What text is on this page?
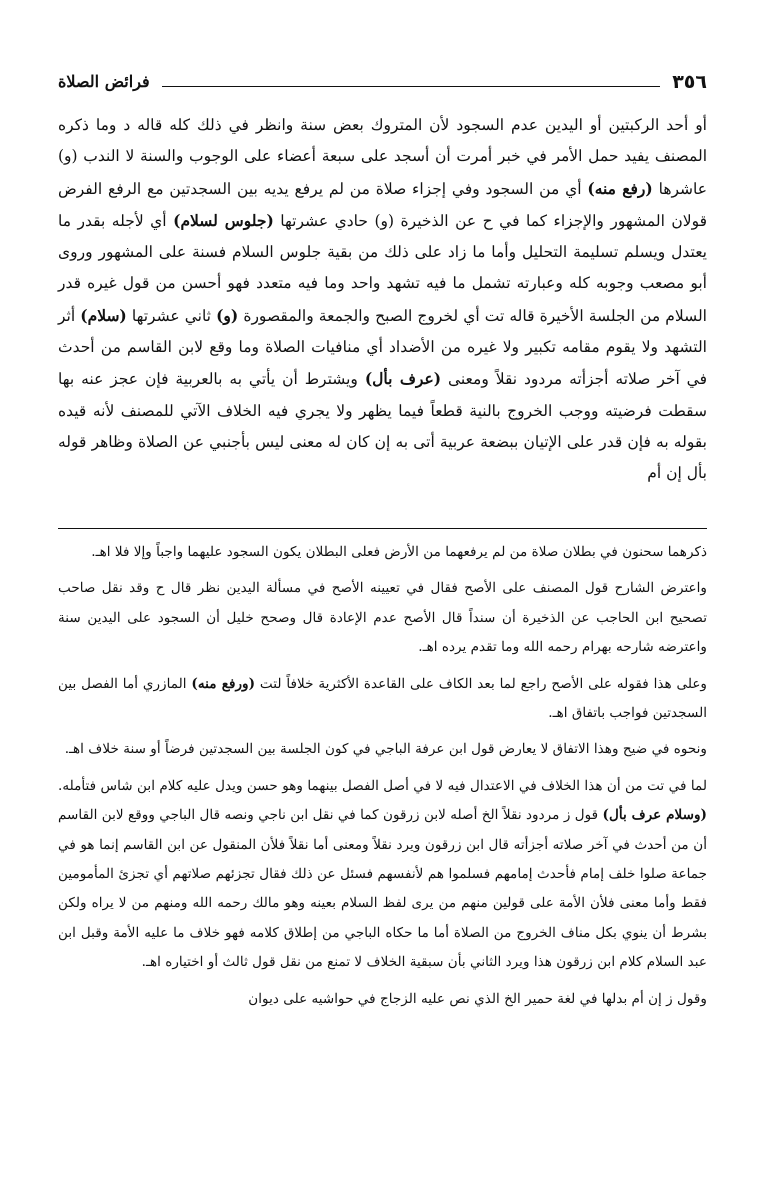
٣٥٦
فرائض الصلاة

أو أحد الركبتين أو اليدين عدم السجود لأن المتروك بعض سنة وانظر في ذلك كله قاله د وما ذكره المصنف يفيد حمل الأمر في خبر أمرت أن أسجد على سبعة أعضاء على الوجوب والسنة لا الندب (و) عاشرها (رفع منه) أي من السجود وفي إجزاء صلاة من لم يرفع يديه بين السجدتين مع الرفع الفرض قولان المشهور والإجزاء كما في ح عن الذخيرة (و) حادي عشرتها (جلوس لسلام) أي لأجله بقدر ما يعتدل ويسلم تسليمة التحليل وأما ما زاد على ذلك من بقية جلوس السلام فسنة على المشهور وروى أبو مصعب وجوبه كله وعبارته تشمل ما فيه تشهد واحد وما فيه متعدد فهو أحسن من قول غيره قدر السلام من الجلسة الأخيرة قاله تت أي لخروج الصبح والجمعة والمقصورة (و) ثاني عشرتها (سلام) أثر التشهد ولا يقوم مقامه تكبير ولا غيره من الأضداد أي منافيات الصلاة وما وقع لابن القاسم من أحدث في آخر صلاته أجزأته مردود نقلاً ومعنى (عرف بأل) ويشترط أن يأتي به بالعربية فإن عجز عنه بها سقطت فرضيته ووجب الخروج بالنية قطعاً فيما يظهر ولا يجري فيه الخلاف الآتي للمصنف لأنه قيده بقوله به فإن قدر على الإتيان ببضعة عربية أتى به إن كان له معنى ليس بأجنبي عن الصلاة وظاهر قوله بأل إن أم

ذكرهما سحنون في بطلان صلاة من لم يرفعهما من الأرض فعلى البطلان يكون السجود عليهما واجباً وإلا فلا اهـ.

واعترض الشارح قول المصنف على الأصح فقال في تعيينه الأصح في مسألة اليدين نظر قال ح وقد نقل صاحب تصحيح ابن الحاجب عن الذخيرة أن سنداً قال الأصح عدم الإعادة قال وصحح خليل أن السجود على اليدين سنة واعترضه شارحه بهرام رحمه الله وما تقدم يرده اهـ.

وعلى هذا فقوله على الأصح راجع لما بعد الكاف على القاعدة الأكثرية خلافاً لتت (ورفع منه) المازري أما الفصل بين السجدتين فواجب باتفاق اهـ.

ونحوه في ضيح وهذا الاتفاق لا يعارض قول ابن عرفة الباجي في كون الجلسة بين السجدتين فرضاً أو سنة خلاف اهـ.

لما في تت من أن هذا الخلاف في الاعتدال فيه لا في أصل الفصل بينهما وهو حسن ويدل عليه كلام ابن شاس فتأمله. (وسلام عرف بأل) قول ز مردود نقلاً الخ أصله لابن زرقون كما في نقل ابن ناجي ونصه قال الباجي ووقع لابن القاسم أن من أحدث في آخر صلاته أجزأته قال ابن زرقون ويرد نقلاً ومعنى أما نقلاً فلأن المنقول عن ابن القاسم إنما هو في جماعة صلوا خلف إمام فأحدث إمامهم فسلموا هم لأنفسهم فسئل عن ذلك فقال تجزئهم صلاتهم أي تجزئ المأمومين فقط وأما معنى فلأن الأمة على قولين منهم من يرى لفظ السلام بعينه وهو مالك رحمه الله ومنهم من لا يراه ولكن بشرط أن ينوي بكل مناف الخروج من الصلاة أما ما حكاه الباجي من إطلاق كلامه فهو خلاف ما عليه الأمة وقبل ابن عبد السلام كلام ابن زرقون هذا ويرد الثاني بأن سبقية الخلاف لا تمنع من نقل قول ثالث أو اختياره اهـ.

وقول ز إن أم بدلها في لغة حمير الخ الذي نص عليه الزجاج في حواشيه على ديوان
